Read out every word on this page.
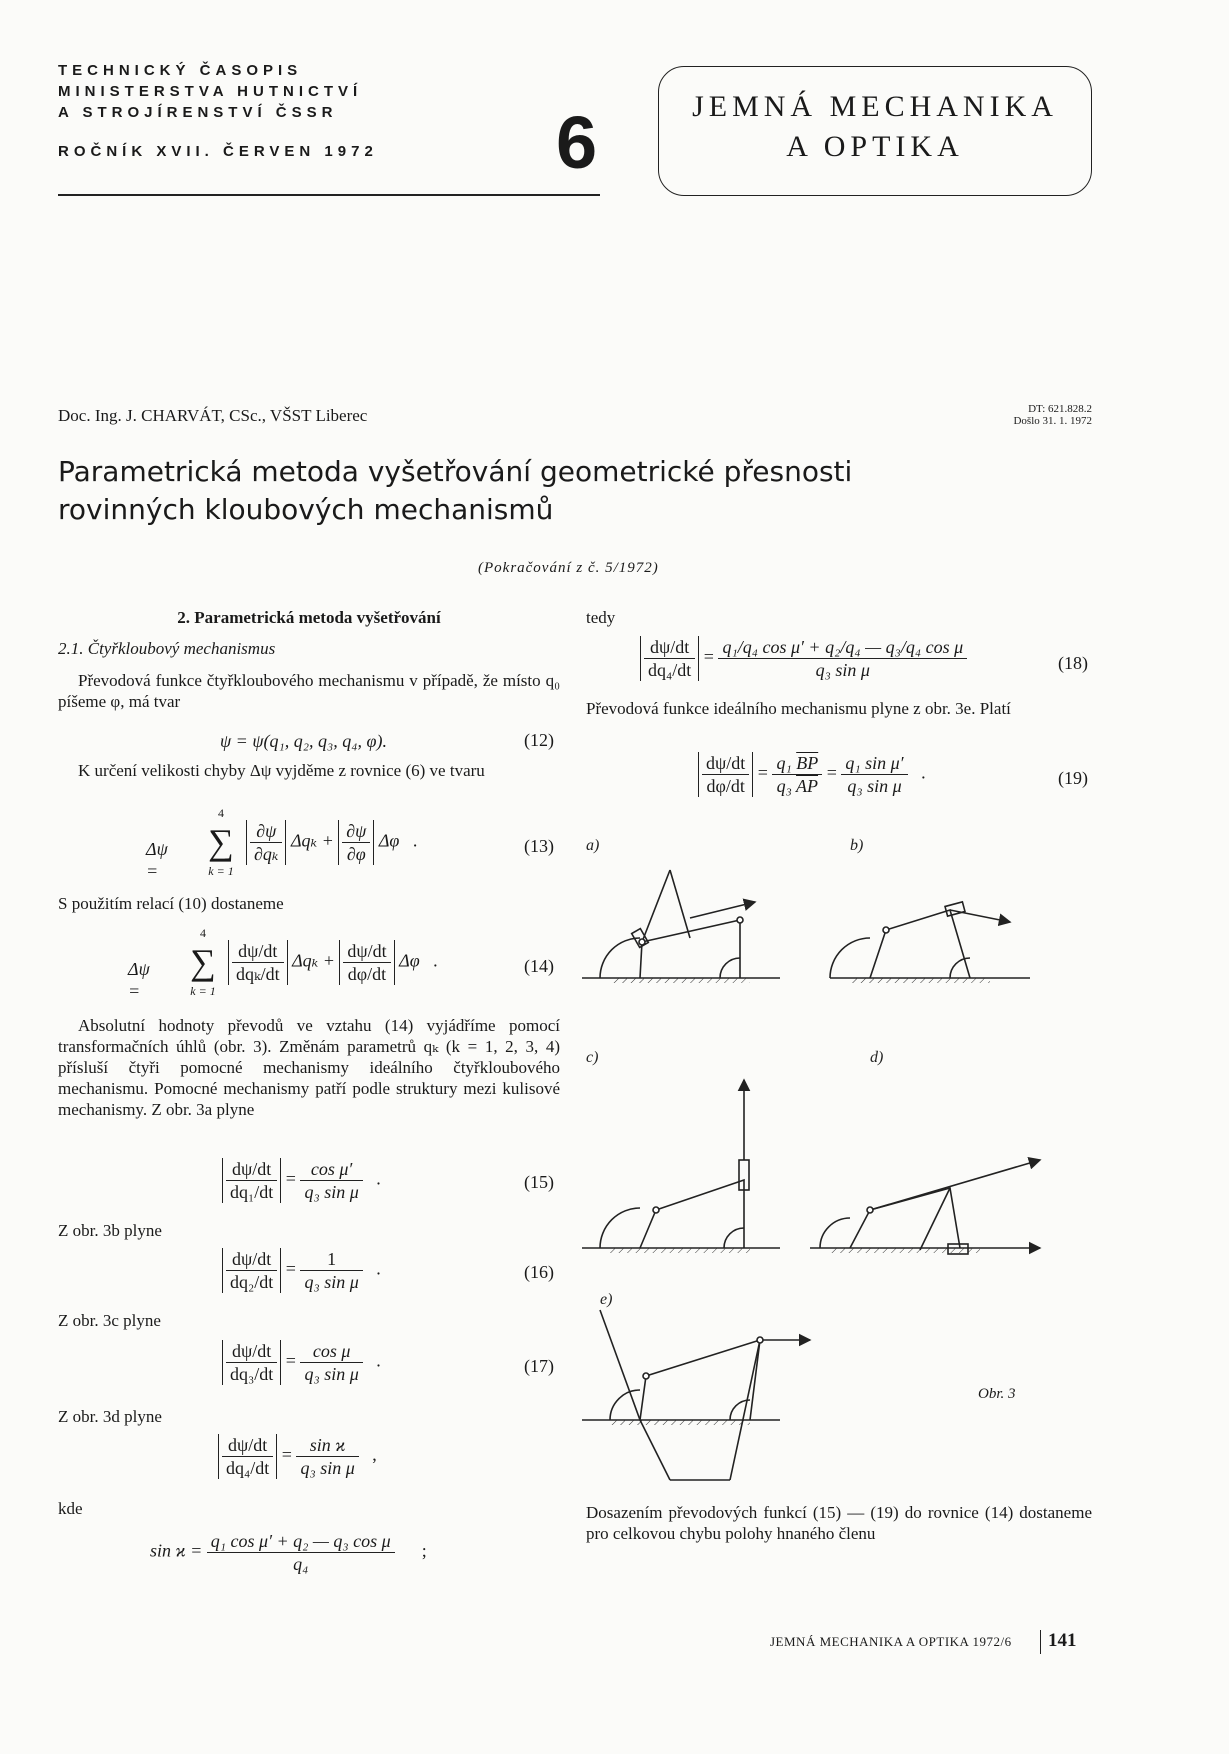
TECHNICKÝ ČASOPIS
MINISTERSTVA HUTNICTVÍ
A STROJÍRENSTVÍ ČSSR
ROČNÍK XVII. ČERVEN 1972 6	JEMNÁ MECHANIKA
A OPTIKA
Doc. Ing. J. CHARVÁT, CSc., VŠST Liberec	DT: 621.828.2
Došlo 31. 1. 1972
Parametrická metoda vyšetřování geometrické přesnosti
rovinných kloubových mechanismů
(Pokračování z č. 5/1972)
2. Parametrická metoda vyšetřování
2.1. Čtyřkloubový mechanismus
Převodová funkce čtyřkloubového mechanismu v případě, že místo q₀ píšeme φ, má tvar
ψ = ψ(q₁, q₂, q₃, q₄, φ).	(12)
K určení velikosti chyby Δψ vyjděme z rovnice (6) ve tvaru
Δψ =
4
∑
k = 1
$\frac{\partial\psi}{\text{∂qₖ}}$ $\Delta q_k + \frac{\partial\psi}{\partial\varphi}$ Δφ   .	(13)
S použitím relací (10) dostaneme
Δψ =
4
∑
k = 1
$\frac{d\psi/dt}{\text{dqₖ/dt}}$ $\Delta q_k + \frac{d\psi/dt}{d\varphi/dt}$ Δφ   .	(14)
Absolutní hodnoty převodů ve vztahu (14) vyjádříme pomocí transformačních úhlů (obr. 3). Změnám parametrů qₖ (k = 1, 2, 3, 4) přísluší čtyři pomocné mechanismy ideálního čtyřkloubového mechanismu. Pomocné mechanismy patří podle struktury mezi kulisové mechanismy. Z obr. 3a plyne
$\frac{d\psi/dt}{\text{dq₁/dt}} = \frac{\text{cos μ′}}{\text{q₃ sin μ}}$ .	(15)
Z obr. 3b plyne
$\frac{d\psi/dt}{\text{dq₂/dt}} = \frac{1}{\text{q₃ sin μ}}$ .	(16)
Z obr. 3c plyne
$\frac{d\psi/dt}{\text{dq₃/dt}} = \frac{\text{cos μ}}{\text{q₃ sin μ}}$ .	(17)
Z obr. 3d plyne
$\frac{d\psi/dt}{\text{dq₄/dt}} = \frac{\text{sin ϰ}}{\text{q₃ sin μ}}$ ,
kde
$\sin ϰ = \frac{\text{q₁ cos μ′ + q₂ — q₃ cos μ}}{\text{q₄}}$ ;
tedy
$\frac{d\psi/dt}{\text{dq₄/dt}} = \frac{\text{q₁/q₄ cos μ′ + q₂/q₄ — q₃/q₄ cos μ}}{\text{q₃ sin μ}}$	(18)
Převodová funkce ideálního mechanismu plyne z obr. 3e. Platí
$\frac{d\psi/dt}{d\varphi/dt} = \frac{q_1 \overline{BP}}{q_3 \overline{AP}} = \frac{\text{q₁ sin μ′}}{\text{q₃ sin μ}}$ .	(19)
a)	b)
c)	d)
e)
Obr. 3
Dosazením převodových funkcí (15) — (19) do rovnice (14) dostaneme pro celkovou chybu polohy hnaného členu
JEMNÁ MECHANIKA A OPTIKA 1972/6 141
